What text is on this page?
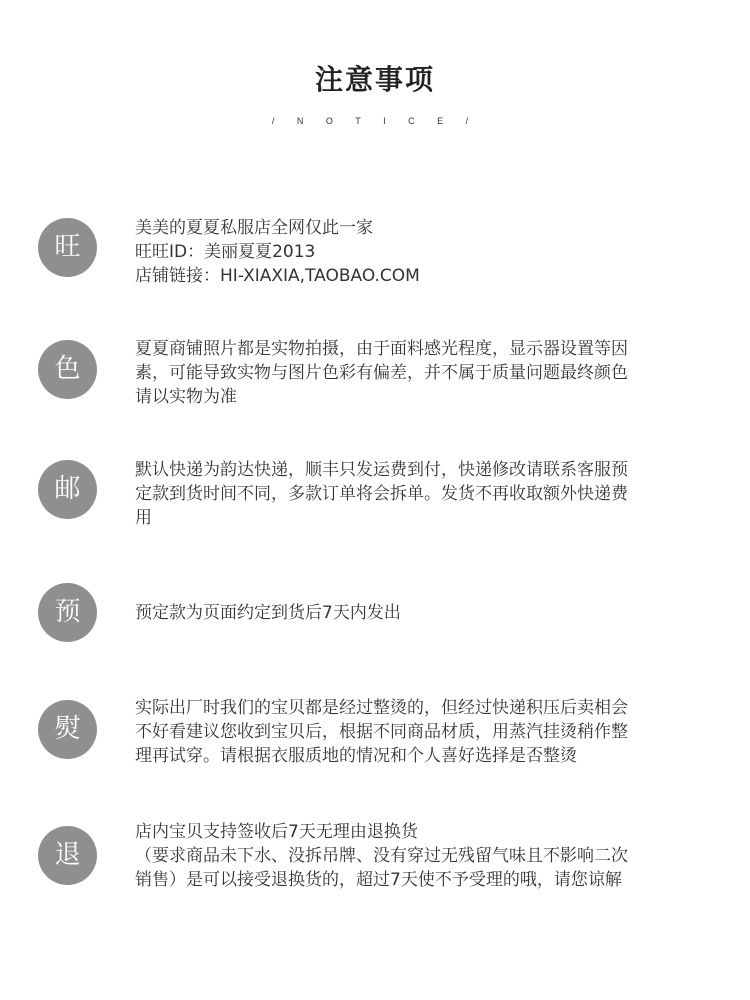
注意事项
/ N O T I C E /
旺
美美的夏夏私服店全网仅此一家
旺旺ID：美丽夏夏2013
店铺链接：HI-XIAXIA,TAOBAO.COM
色
夏夏商铺照片都是实物拍摄，由于面料感光程度，显示器设置等因
素，可能导致实物与图片色彩有偏差，并不属于质量问题最终颜色
请以实物为准
邮
默认快递为韵达快递，顺丰只发运费到付，快递修改请联系客服预
定款到货时间不同，多款订单将会拆单。发货不再收取额外快递费
用
预	预定款为页面约定到货后7天内发出
熨
实际出厂时我们的宝贝都是经过整烫的，但经过快递积压后卖相会
不好看建议您收到宝贝后，根据不同商品材质，用蒸汽挂烫稍作整
理再试穿。请根据衣服质地的情况和个人喜好选择是否整烫
退
店内宝贝支持签收后7天无理由退换货
（要求商品未下水、没拆吊牌、没有穿过无残留气味且不影响二次
销售）是可以接受退换货的，超过7天使不予受理的哦，请您谅解
